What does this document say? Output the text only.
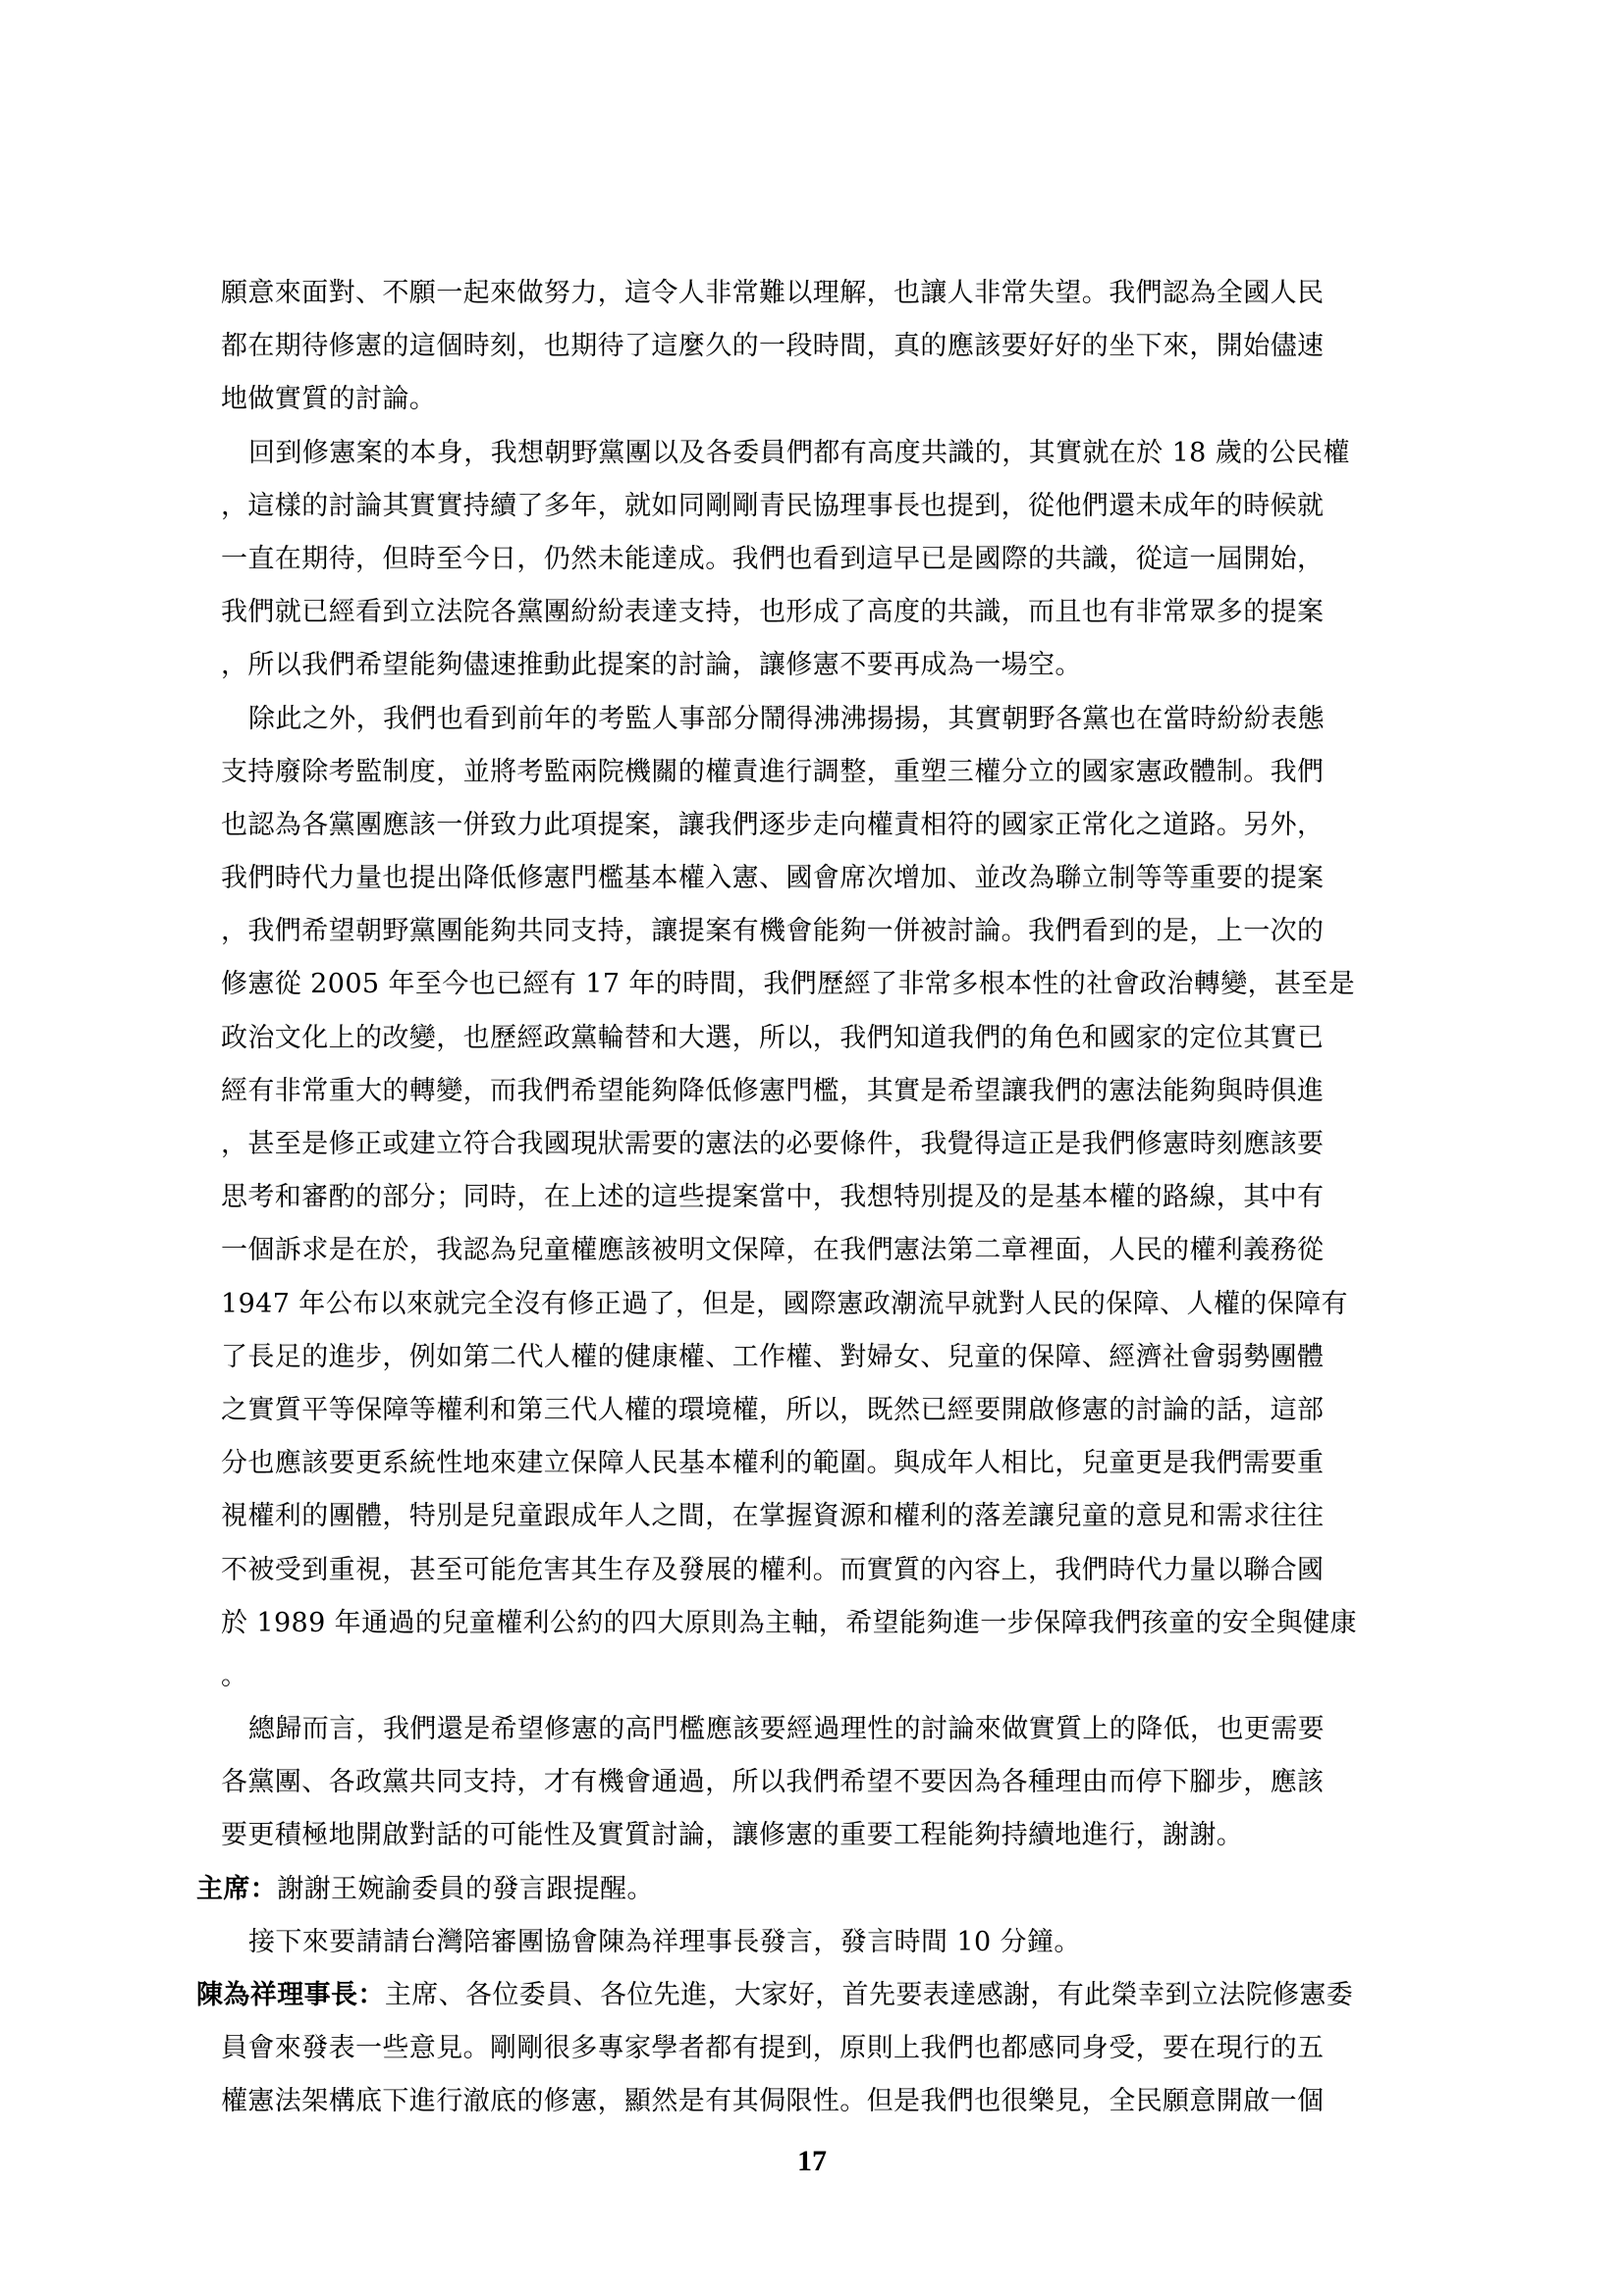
願意來面對、不願一起來做努力，這令人非常難以理解，也讓人非常失望。我們認為全國人民
都在期待修憲的這個時刻，也期待了這麼久的一段時間，真的應該要好好的坐下來，開始儘速
地做實質的討論。
回到修憲案的本身，我想朝野黨團以及各委員們都有高度共識的，其實就在於 18 歲的公民權
，這樣的討論其實實持續了多年，就如同剛剛青民協理事長也提到，從他們還未成年的時候就
一直在期待，但時至今日，仍然未能達成。我們也看到這早已是國際的共識，從這一屆開始，
我們就已經看到立法院各黨團紛紛表達支持，也形成了高度的共識，而且也有非常眾多的提案
，所以我們希望能夠儘速推動此提案的討論，讓修憲不要再成為一場空。
除此之外，我們也看到前年的考監人事部分鬧得沸沸揚揚，其實朝野各黨也在當時紛紛表態
支持廢除考監制度，並將考監兩院機關的權責進行調整，重塑三權分立的國家憲政體制。我們
也認為各黨團應該一併致力此項提案，讓我們逐步走向權責相符的國家正常化之道路。另外，
我們時代力量也提出降低修憲門檻基本權入憲、國會席次增加、並改為聯立制等等重要的提案
，我們希望朝野黨團能夠共同支持，讓提案有機會能夠一併被討論。我們看到的是，上一次的
修憲從 2005 年至今也已經有 17 年的時間，我們歷經了非常多根本性的社會政治轉變，甚至是
政治文化上的改變，也歷經政黨輪替和大選，所以，我們知道我們的角色和國家的定位其實已
經有非常重大的轉變，而我們希望能夠降低修憲門檻，其實是希望讓我們的憲法能夠與時俱進
，甚至是修正或建立符合我國現狀需要的憲法的必要條件，我覺得這正是我們修憲時刻應該要
思考和審酌的部分；同時，在上述的這些提案當中，我想特別提及的是基本權的路線，其中有
一個訴求是在於，我認為兒童權應該被明文保障，在我們憲法第二章裡面，人民的權利義務從
1947 年公布以來就完全沒有修正過了，但是，國際憲政潮流早就對人民的保障、人權的保障有
了長足的進步，例如第二代人權的健康權、工作權、對婦女、兒童的保障、經濟社會弱勢團體
之實質平等保障等權利和第三代人權的環境權，所以，既然已經要開啟修憲的討論的話，這部
分也應該要更系統性地來建立保障人民基本權利的範圍。與成年人相比，兒童更是我們需要重
視權利的團體，特別是兒童跟成年人之間，在掌握資源和權利的落差讓兒童的意見和需求往往
不被受到重視，甚至可能危害其生存及發展的權利。而實質的內容上，我們時代力量以聯合國
於 1989 年通過的兒童權利公約的四大原則為主軸，希望能夠進一步保障我們孩童的安全與健康
。
總歸而言，我們還是希望修憲的高門檻應該要經過理性的討論來做實質上的降低，也更需要
各黨團、各政黨共同支持，才有機會通過，所以我們希望不要因為各種理由而停下腳步，應該
要更積極地開啟對話的可能性及實質討論，讓修憲的重要工程能夠持續地進行，謝謝。
主席：謝謝王婉諭委員的發言跟提醒。
接下來要請請台灣陪審團協會陳為祥理事長發言，發言時間 10 分鐘。
陳為祥理事長：主席、各位委員、各位先進，大家好，首先要表達感謝，有此榮幸到立法院修憲委
員會來發表一些意見。剛剛很多專家學者都有提到，原則上我們也都感同身受，要在現行的五
權憲法架構底下進行澈底的修憲，顯然是有其侷限性。但是我們也很樂見，全民願意開啟一個
17
